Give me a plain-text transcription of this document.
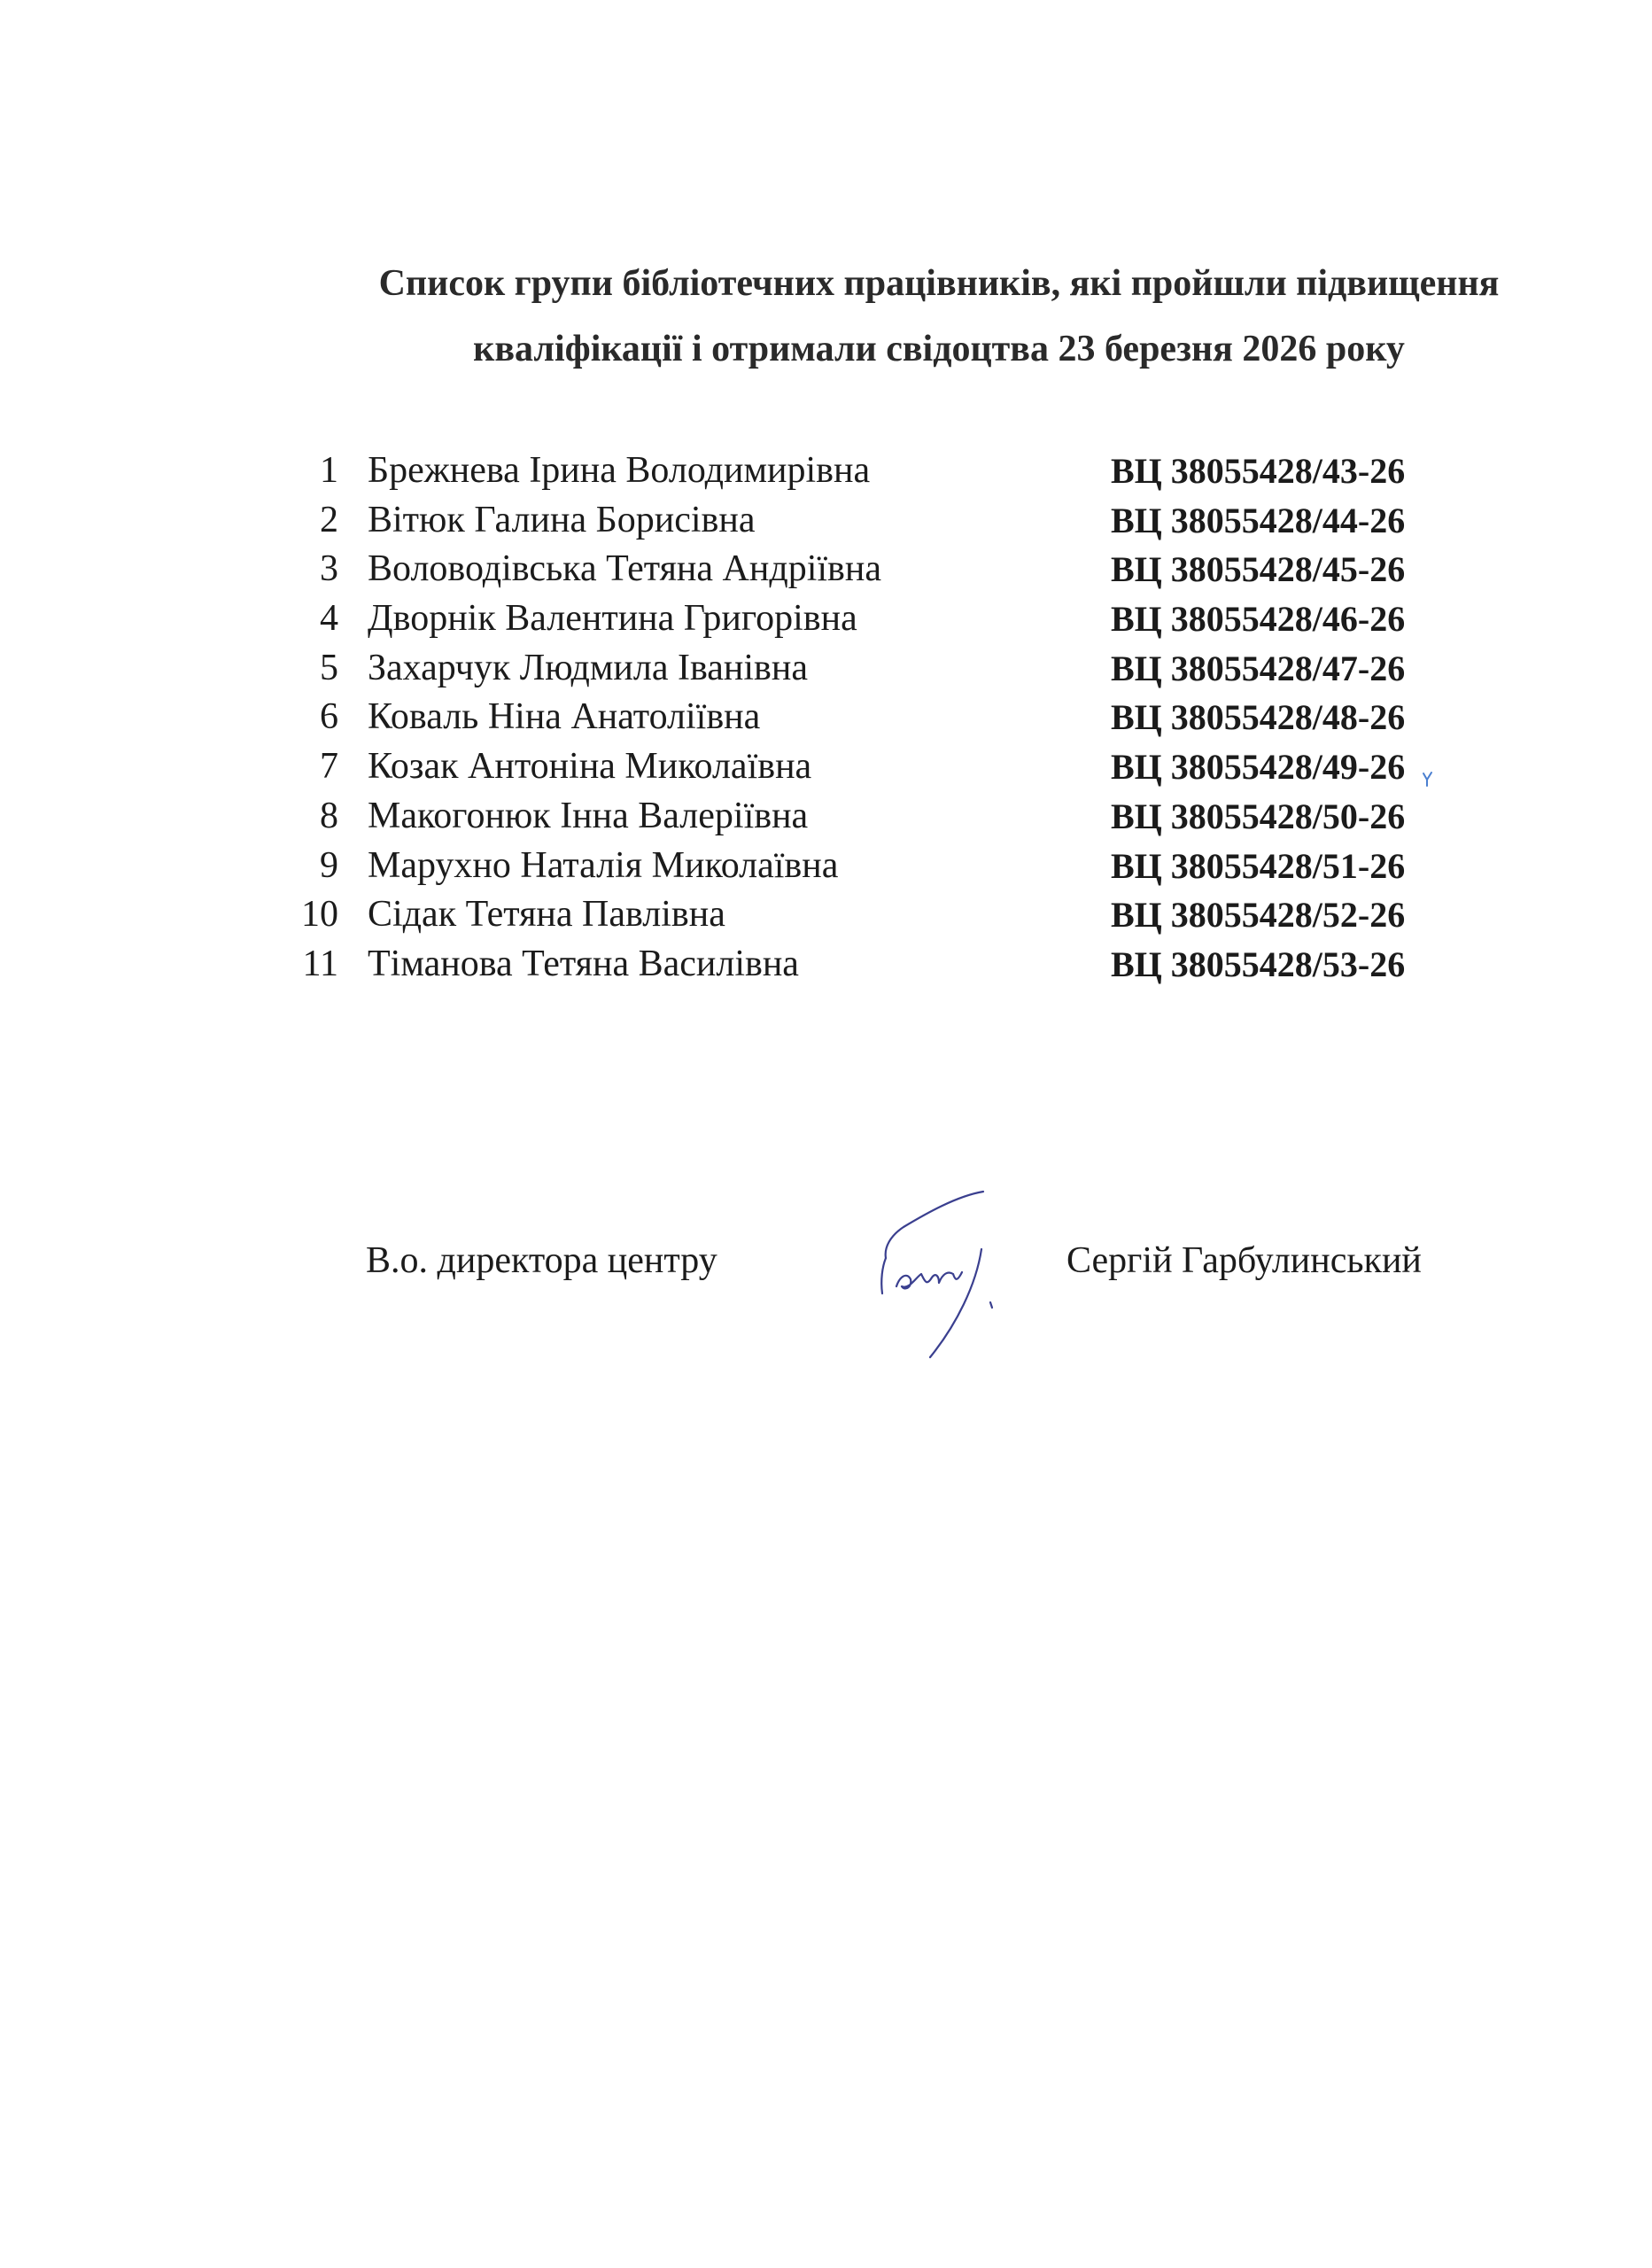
Список групи бібліотечних працівників, які пройшли підвищення
кваліфікації і отримали свідоцтва 23 березня 2026 року
1 Брежнева Ірина Володимирівна	ВЦ 38055428/43-26
2 Вітюк Галина Борисівна	ВЦ 38055428/44-26
3 Воловодівська Тетяна Андріївна	ВЦ 38055428/45-26
4 Дворнік Валентина Григорівна	ВЦ 38055428/46-26
5 Захарчук Людмила Іванівна	ВЦ 38055428/47-26
6 Коваль Ніна Анатоліївна	ВЦ 38055428/48-26
7 Козак Антоніна Миколаївна	ВЦ 38055428/49-26
8 Макогонюк Інна Валеріївна	ВЦ 38055428/50-26
9 Марухно Наталія Миколаївна	ВЦ 38055428/51-26
10 Сідак Тетяна Павлівна	ВЦ 38055428/52-26
11 Тіманова Тетяна Василівна	ВЦ 38055428/53-26
В.о. директора центру	Сергій Гарбулинський
